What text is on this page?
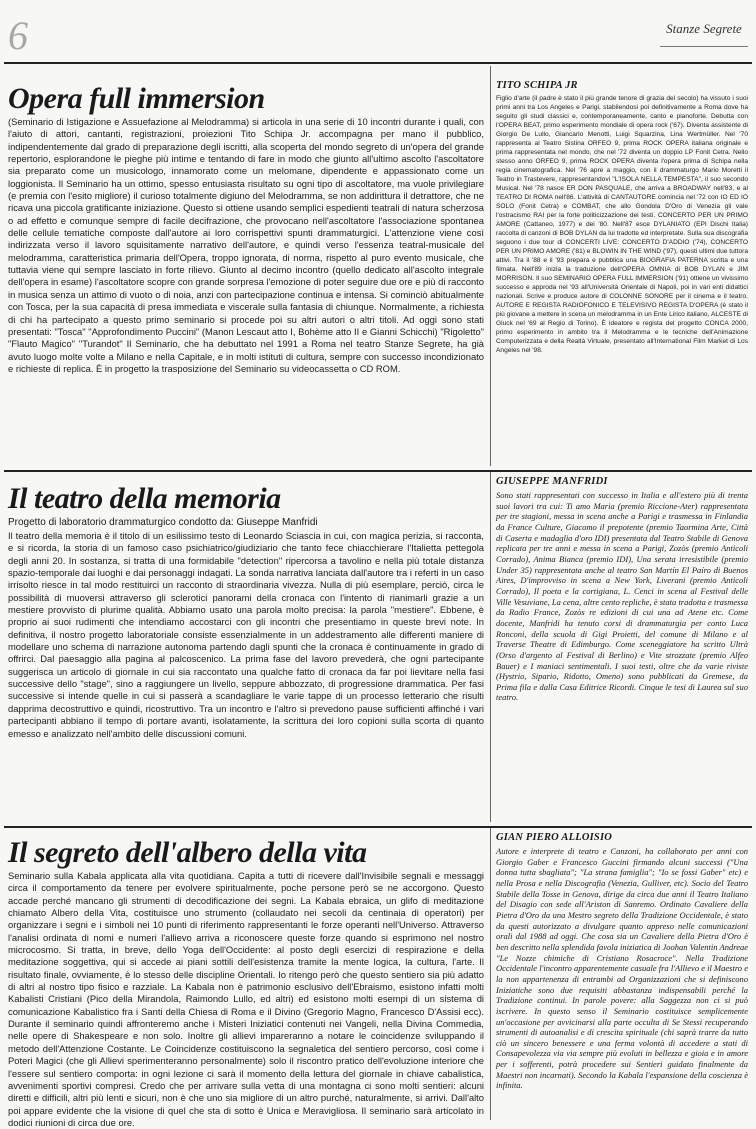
6	Stanze Segrete
Opera full immersion

(Seminario di Istigazione e Assuefazione al Melodramma) si articola in una serie di 10 incontri durante i quali, con l'aiuto di attori, cantanti, registrazioni, proiezioni Tito Schipa Jr. accompagna per mano il pubblico, indipendentemente dal grado di preparazione degli iscritti, alla scoperta del mondo segreto di un'opera del grande repertorio, esplorandone le pieghe più intime e tentando di fare in modo che giunto all'ultimo ascolto l'ascoltatore sia preparato come un musicologo, innamorato come un melomane, dipendente e appassionato come un loggionista. Il Seminario ha un ottimo, spesso entusiasta risultato su ogni tipo di ascoltatore, ma vuole privilegiare (e premia con l'esito migliore) il curioso totalmente digiuno del Melodramma, se non addirittura il detrattore, che ne ricava una piccola gratificante iniziazione. Questo si ottiene usando semplici espedienti teatrali di natura scherzosa o ad effetto e comunque sempre di facile decifrazione, che provocano nell'ascoltatore l'associazione spontanea delle cellule tematiche composte dall'autore ai loro corrispettivi spunti drammaturgici. L'attenzione viene così indirizzata verso il lavoro squisitamente narrativo dell'autore, e quindi verso l'essenza teatral-musicale del melodramma, caratteristica primaria dell'Opera, troppo ignorata, di norma, rispetto al puro evento musicale, che tuttavia viene qui sempre lasciato in forte rilievo. Giunto al decimo incontro (quello dedicato all'ascolto integrale dell'opera in esame) l'ascoltatore scopre con grande sorpresa l'emozione di poter seguire due ore e più di racconto in musica senza un attimo di vuoto o di noia, anzi con partecipazione continua e intensa. Si cominciò abitualmente con Tosca, per la sua capacità di presa immediata e viscerale sulla fantasia di chiunque. Normalmente, a richiesta di chi ha partecipato a questo primo seminario si procede poi su altri autori o altri titoli. Ad oggi sono stati presentati: "Tosca" "Approfondimento Puccini" (Manon Lescaut atto I, Bohème atto II e Gianni Schicchi) "Rigoletto" "Flauto Magico" "Turandot" Il Seminario, che ha debuttato nel 1991 a Roma nel teatro Stanze Segrete, ha già avuto luogo molte volte a Milano e nella Capitale, e in molti istituti di cultura, sempre con successo incondizionato e richieste di replica. È in progetto la trasposizione del Seminario su videocassetta o CD ROM.

TITO SCHIPA JR

Figlio d'arte (il padre è stato il più grande tenore di grazia del secolo) ha vissuto i suoi primi anni tra Los Angeles e Parigi, stabilendosi poi definitivamente a Roma dove ha seguito gli studi classici e, contemporaneamente, canto e pianoforte. Debutta con l'OPERA BEAT, primo esperimento mondiale di opera rock ('67). Diventa assistente di Giorgio De Lullo, Giancarlo Menotti, Luigi Squarzina, Lina Wertmüller. Nel '70 rappresenta al Teatro Sistina ORFEO 9, prima ROCK OPERA italiana originale e prima rappresentata nel mondo, che nel '72 diventa un doppio LP Fonit Cetra. Nello stesso anno ORFEO 9, prima ROCK OPERA diventa l'opera prima di Schipa nella regia cinematografica. Nel '76 apre a maggio, con il drammaturgo Mario Moretti il Teatro in Trastevere, rappresentandovi "L'ISOLA NELLA TEMPESTA", il suo secondo Musical. Nel '78 nasce ER DON PASQUALE, che arriva a BROADWAY nell'83, e al TEATRO DI ROMA nell'86. L'attività di CANTAUTORE comincia nel '72 con IO ED IO SOLO (Fonit Cetra) e COMBAT, che allo Gondola D'Oro di Venezia gli vale l'ostracismo RAI per la forte politicizzazione dei testi. CONCERTO PER UN PRIMO AMORE (Cattaneo, 1977) e dei '80. Nell'87 esce DYLANIATO (EPI Dischi Italia) raccolta di canzoni di BOB DYLAN da lui tradotte ed interpretate. Sulla sua discografia seguono i due tour di CONCERTI LIVE: CONCERTO D'ADDIO ('74), CONCERTO PER UN PRIMO AMORE ('81) e BLOWIN IN THE WIND ('97), questi ultimi due tuttora attivi. Tra il '88 e il '93 prepara e pubblica una BIOGRAFIA PATERNA scritta e una filmata. Nell'89 inizia la traduzione dell'OPERA OMNIA di BOB DYLAN e JIM MORRISON. Il suo SEMINARIO OPERA FULL IMMERSION ('91) ottiene un vivissimo successo e approda nel '93 all'Università Orientale di Napoli, poi in vari enti didattici nazionali. Scrive e produce autore di COLONNE SONORE per il cinema e il teatro. AUTORE E REGISTA RADIOFONICO E TELEVISIVO REGISTA D'OPERA (è stato il più giovane a mettere in scena un melodramma in un Ente Lirico italiano, ALCESTE di Gluck nel '69 al Regio di Torino). È ideatore e regista del progetto CONCA 2000, primo esperimento in ambito tra il Melodramma e le tecniche dell'Animazione Computerizzata e della Realtà Virtuale, presentato all'International Film Market di Los Angeles nel '98.

Il teatro della memoria
Progetto di laboratorio drammaturgico condotto da: Giuseppe Manfridi

Il teatro della memoria è il titolo di un esilissimo testo di Leonardo Sciascia in cui, con magica perizia, si racconta, e si ricorda, la storia di un famoso caso psichiatrico/giudiziario che tanto fece chiacchierare l'Italietta pettegola degli anni 20. In sostanza, si tratta di una formidabile "detection" ripercorsa a tavolino e nella più totale distanza spazio-temporale dai luoghi e dai personaggi indagati. La sonda narrativa lanciata dall'autore tra i referti in un caso irrisolto riesce in tal modo restituirci un racconto di straordinaria vivezza. Nulla di più esemplare, perciò, circa le possibilità di muoversi attraverso gli sclerotici panorami della cronaca con l'intento di rianimarli grazie a un mestiere provvisto di plurime qualità. Abbiamo usato una parola molto precisa: la parola "mestiere". Ebbene, è proprio ai suoi rudimenti che intendiamo accostarci con gli incontri che presentiamo in queste brevi note. In definitiva, il nostro progetto laboratoriale consiste essenzialmente in un addestramento alle differenti maniere di modellare uno schema di narrazione autonoma partendo dagli spunti che la cronaca è continuamente in grado di offrirci. Dal paesaggio alla pagina al palcoscenico. La prima fase del lavoro prevederà, che ogni partecipante suggerisca un articolo di giornale in cui sia raccontato una qualche fatto di cronaca da far poi lievitare nella fasi successive dello "stage", sino a raggiungere un livello, seppure abbozzato, di progressione drammatica. Per fasi successive si intende quelle in cui si passerà a scandagliare le varie tappe di un processo letterario che risulti dapprima decostruttivo e quindi, ricostruttivo. Tra un incontro e l'altro si prevedono pause sufficienti affinché i vari partecipanti abbiano il tempo di portare avanti, isolatamente, la scrittura dei loro copioni sulla scorta di quanto emesso e analizzato nell'ambito delle discussioni comuni.

GIUSEPPE MANFRIDI

Sono stati rappresentati con successo in Italia e all'estero più di trenta suoi lavori tra cui: Ti amo Maria (premio Riccione-Ater) rappresentata per tre stagioni, messa in scena anche a Parigi e trasmessa in Finlandia da France Culture, Giacomo il prepotente (premio Taormina Arte, Città di Caserta e madaglia d'oro IDI) presentata dal Teatro Stabile di Genova replicata per tre anni e messa in scena a Parigi, Zozòs (premio Anticoli Corrado), Anima Bianca (premio IDI), Una serata irresistibile (premio Under 35) rappresentata anche al teatro San Martín El Paíro di Buenos Aires, D'improvviso in scena a New York, Liverani (premio Anticoli Corrado), Il poeta e la cortigiana, L. Cenci in scena al Festival delle Ville Vesuviane, La cena, altre cento repliche, è stata tradotta e trasmessa da Radio France, Zozòs re edizioni di cui una ad Atene etc. Come docente, Manfridi ha tenuto corsi di drammaturgia per conto Luca Ronconi, della scuola di Gigi Proietti, del comune di Milano e al Traverse Theatre di Edimburgo. Come sceneggiatore ha scritto Ultrà (Orso d'argento al Festival di Berlino) e Vite strozzate (premio Alfeo Bauer) e I maniaci sentimentali. I suoi testi, oltre che da varie riviste (Hystrio, Sipario, Ridotto, Omeno) sono pubblicati da Gremese, da Prima fila e dalla Casa Editrice Ricordi. Cinque le tesi di Laurea sul suo teatro.

Il segreto dell'albero della vita

Seminario sulla Kabala applicata alla vita quotidiana. Capita a tutti di ricevere dall'Invisibile segnali e messaggi circa il comportamento da tenere per evolvere spiritualmente, poche persone però se ne accorgono. Questo accade perché mancano gli strumenti di decodificazione dei segni. La Kabala ebraica, un glifo di meditazione chiamato Albero della Vita, costituisce uno strumento (collaudato nei secoli da centinaia di operatori) per organizzare i segni e i simboli nei 10 punti di riferimento rappresentanti le forze operanti nell'Universo. Attraverso l'analisi ordinata di nomi e numeri l'allievo arriva a riconoscere queste forze quando si esprimono nel nostro microcosmo. Si tratta, in breve, dello Yoga dell'Occidente: al posto degli esercizi di respirazione e della meditazione soggettiva, qui si accede ai piani sottili dell'esistenza tramite la mente logica, la cultura, l'arte. Il risultato finale, ovviamente, è lo stesso delle discipline Orientali. Io ritengo però che questo sentiero sia più adatto di altri al nostro tipo fisico e razziale. La Kabala non è patrimonio esclusivo dell'Ebraismo, esistono infatti molti Kabalisti Cristiani (Pico della Mirandola, Raimondo Lullo, ed altri) ed esistono molti esempi di un sistema di comunicazione Kabalistico fra i Santi della Chiesa di Roma e il Divino (Gregorio Magno, Francesco D'Assisi ecc). Durante il seminario quindi affronteremo anche i Misteri Iniziatici contenuti nei Vangeli, nella Divina Commedia, nelle opere di Shakespeare e non solo. Inoltre gli allievi impareranno a notare le coincidenze sviluppando il metodo dell'Attenzione Costante. Le Coincidenze costituiscono la segnaletica del sentiero percorso, così come i Poteri Magici (che gli Allievi sperimenteranno personalmente) solo il riscontro pratico dell'evoluzione interiore che l'essere sul sentiero comporta: in ogni lezione ci sarà il momento della lettura del giornale in chiave cabalistica, avvenimenti sportivi compresi. Credo che per arrivare sulla vetta di una montagna ci sono molti sentieri: alcuni diretti e difficili, altri più lenti e sicuri, non è che uno sia migliore di un altro purché, naturalmente, si arrivi. Dall'alto poi appare evidente che la visione di quel che sta di sotto è Unica e Meravigliosa. Il seminario sarà articolato in dodici riunioni di circa due ore.

GIAN PIERO ALLOISIO

Autore e interprete di teatro e Canzoni, ha collaborato per anni con Giorgio Gaber e Francesco Guccini firmando alcuni successi ("Una donna tutta sbagliata"; "La strana famiglia"; "Io se fossi Gaber" etc) e nella Prosa e nella Discografia (Venezia, Gulliver, etc). Socio del Teatro Stabile della Tosse in Genova, dirige da circa due anni il Teatro Italiano del Disagio con sede all'Ariston di Sanremo. Ordinato Cavaliere della Pietra d'Oro da una Mestro segreto della Tradizione Occidentale, è stato da questi autorizzato a divulgare quanto appreso nelle comunicazioni orali dal 1988 ad oggi. Che cosa sia un Cavaliere della Pietra d'Oro è ben descritto nella splendida favola iniziatica di Joohan Valentin Andreae "Le Nozze chimiche di Cristiano Rosacroce". Nella Tradizione Occidentale l'incontro apparentemente casuale fra l'Allievo e il Maestro e la non appartenenza di entrambi ad Organizzazioni che si definiscono Iniziatiche sono due requisiti abbastanza indispensabili perché la Tradizione continui. In parole povere: alla Saggezza non ci si può iscrivere. In questo senso il Seminario costituisce semplicemente un'occasione per avvicinarsi alla parte occulta di Se Stessi recuperando strumenti di autoanalisi e di crescita spirituale (chi saprà trarre da tutto ciò un sincero benessere e una ferma volontà di accedere a stati di Consapevolezza via via sempre più evoluti in bellezza e gioia e in amore per i sofferenti, potrà procedere sui Sentieri guidato finalmente da Maestri non incarnati). Secondo la Kabala l'espansione della coscienza è infinita.
